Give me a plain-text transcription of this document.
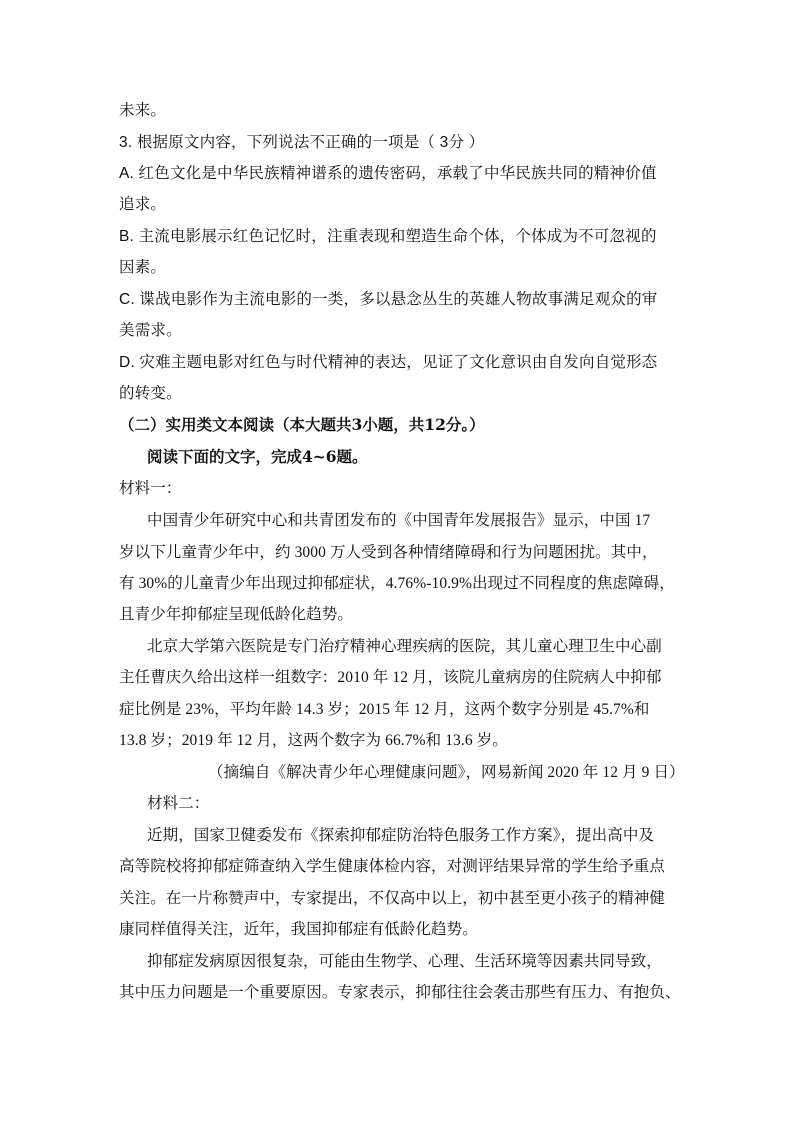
未来。
3. 根据原文内容，下列说法不正确的一项是（ 3分 ）
A. 红色文化是中华民族精神谱系的遗传密码，承载了中华民族共同的精神价值
追求。
B. 主流电影展示红色记忆时，注重表现和塑造生命个体，个体成为不可忽视的
因素。
C. 谍战电影作为主流电影的一类，多以悬念丛生的英雄人物故事满足观众的审
美需求。
D. 灾难主题电影对红色与时代精神的表达，见证了文化意识由自发向自觉形态
的转变。
（二）实用类文本阅读（本大题共3小题，共12分。）
阅读下面的文字，完成4~6题。
材料一：
中国青少年研究中心和共青团发布的《中国青年发展报告》显示，中国 17
岁以下儿童青少年中，约 3000 万人受到各种情绪障碍和行为问题困扰。其中，
有 30%的儿童青少年出现过抑郁症状，4.76%-10.9%出现过不同程度的焦虑障碍，
且青少年抑郁症呈现低龄化趋势。
北京大学第六医院是专门治疗精神心理疾病的医院，其儿童心理卫生中心副
主任曹庆久给出这样一组数字：2010 年 12 月，该院儿童病房的住院病人中抑郁
症比例是 23%，平均年龄 14.3 岁；2015 年 12 月，这两个数字分别是 45.7%和
13.8 岁；2019 年 12 月，这两个数字为 66.7%和 13.6 岁。
（摘编自《解决青少年心理健康问题》，网易新闻 2020 年 12 月 9 日）
材料二：
近期，国家卫健委发布《探索抑郁症防治特色服务工作方案》，提出高中及
高等院校将抑郁症筛查纳入学生健康体检内容，对测评结果异常的学生给予重点
关注。在一片称赞声中，专家提出，不仅高中以上，初中甚至更小孩子的精神健
康同样值得关注，近年，我国抑郁症有低龄化趋势。
抑郁症发病原因很复杂，可能由生物学、心理、生活环境等因素共同导致，
其中压力问题是一个重要原因。专家表示，抑郁往往会袭击那些有压力、有抱负、
